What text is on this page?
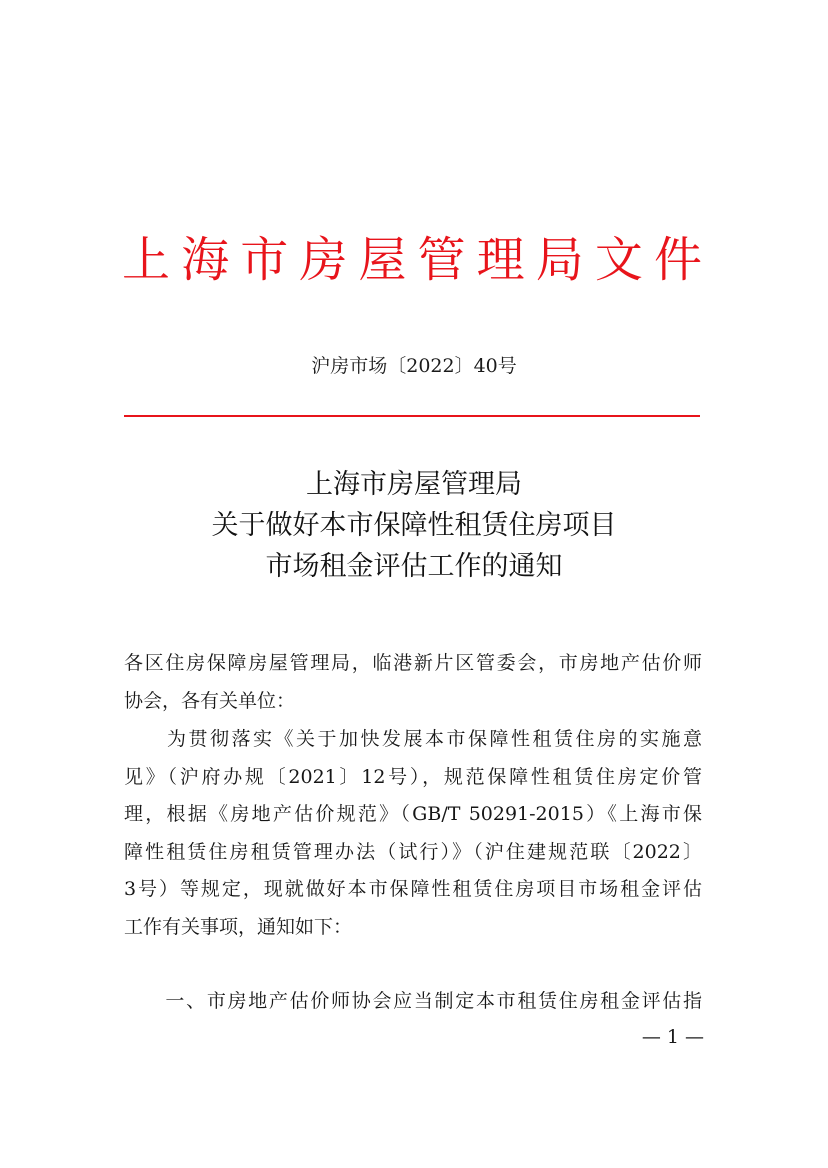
上 海 市 房 屋 管 理 局 文 件
沪房市场〔2022〕40号
上海市房屋管理局
关于做好本市保障性租赁住房项目
市场租金评估工作的通知
各区住房保障房屋管理局，临港新片区管委会，市房地产估价师
协会，各有关单位：
　　为贯彻落实《关于加快发展本市保障性租赁住房的实施意
见》（沪府办规〔2021〕12号），规范保障性租赁住房定价管
理，根据《房地产估价规范》（GB/T 50291-2015）《上海市保
障性租赁住房租赁管理办法（试行）》（沪住建规范联〔2022〕
3号）等规定，现就做好本市保障性租赁住房项目市场租金评估
工作有关事项，通知如下：
　　一、市房地产估价师协会应当制定本市租赁住房租金评估指
— 1 —
